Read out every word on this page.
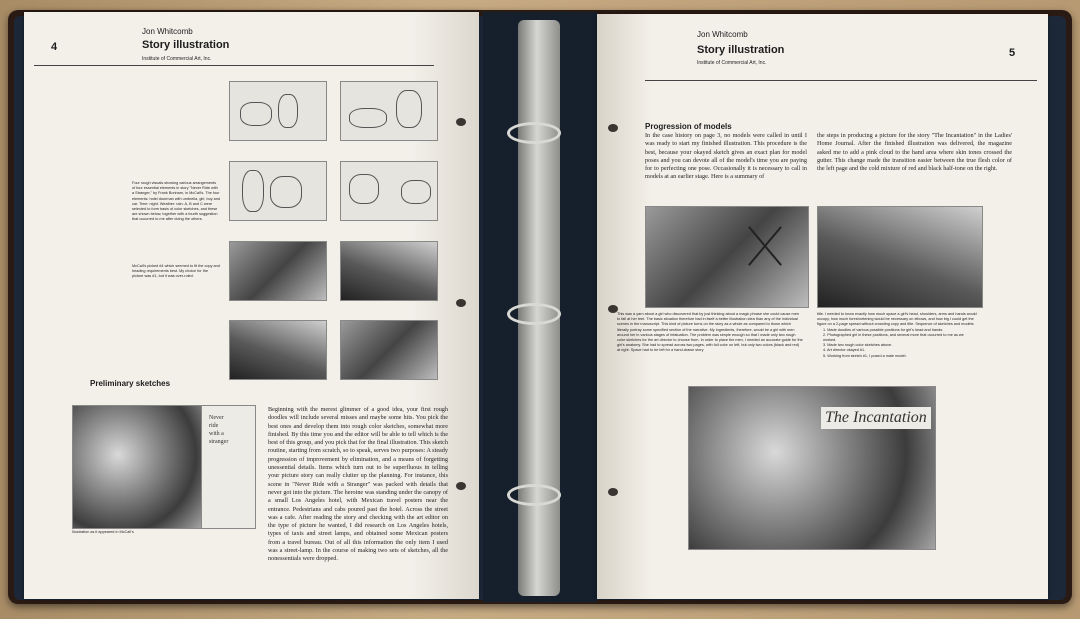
4
Jon Whitcomb
Story illustration
Institute of Commercial Art, Inc.
Four rough visuals showing various arrangements of four essential elements in story "Never Ride with a Stranger," by Frank Bonham, in McCall's. The four elements: hotel doorman with umbrella, girl, boy and car. Time: night. Weather: rain. A, B and C were selected to form basis of color sketches, and these are shown below, together with a fourth suggestion that occurred to me after doing the others.
McCall's picked #4 which seemed to fit the copy and heading requirements best. My choice for the picture was #1, but it was over-ruled.
Preliminary sketches
Never
ride
with a
stranger
Illustration as it appeared in McCall's
Beginning with the merest glimmer of a good idea, your first rough doodles will include several misses and maybe some hits. You pick the best ones and develop them into rough color sketches, somewhat more finished. By this time you and the editor will be able to tell which is the best of this group, and you pick that for the final illustration. This sketch routine, starting from scratch, so to speak, serves two purposes: A steady progression of improvement by elimination, and a means of forgetting unessential details. Items which turn out to be superfluous in telling your picture story can really clutter up the planning. For instance, this scene in "Never Ride with a Stranger" was packed with details that never got into the picture. The heroine was standing under the canopy of a small Los Angeles hotel, with Mexican travel posters near the entrance. Pedestrians and cabs poured past the hotel. Across the street was a cafe. After reading the story and checking with the art editor on the type of picture he wanted, I did research on Los Angeles hotels, types of taxis and street lamps, and obtained some Mexican posters from a travel bureau. Out of all this information the only item I used was a street-lamp. In the course of making two sets of sketches, all the nonessentials were dropped.
Jon Whitcomb
Story illustration
Institute of Commercial Art, Inc.
5
Progression of models
In the case history on page 3, no models were called in until I was ready to start my finished illustration. This procedure is the best, because your okayed sketch gives an exact plan for model poses and you can devote all of the model's time you are paying for to perfecting one pose. Occasionally it is necessary to call in models at an earlier stage. Here is a summary of
the steps in producing a picture for the story "The Incantation" in the Ladies' Home Journal. After the finished illustration was delivered, the magazine asked me to add a pink cloud to the hand area where skin tones crossed the gutter. This change made the transition easier between the true flesh color of the left page and the cold mixture of red and black half-tone on the right.
This was a yarn about a girl who discovered that by just thinking about a magic phrase she could cause men to fall at her feet. The basic situation therefore had in itself a better illustration idea than any of the individual scenes in the manuscript. This kind of picture turns on the story as a whole as compared to those which literally portray some specified section of the narrative. My ingredients, therefore, would be a girl with men around her in various stages of infatuation. The problem was simple enough so that I made only two rough color sketches for the art director to choose from. In order to place the men, I needed an accurate guide for the girl's anatomy. She had to spread across two pages, with full color on left, but only two colors (black and red) at right. Space had to be left for a hand-drawn story
title. I needed to know exactly how much space a girl's head, shoulders, arms and hands would occupy, how much foreshortening would be necessary on elbows, and how big I could get the figure on a 2-page spread without crowding copy and title. Sequence of sketches and models:
1. Made doodles of various possible positions for girl's head and hands.
2. Photographed girl in these positions, and several more that occurred to me as we worked.
3. Made two rough color sketches above.
4. Art director okayed #1.
5. Working from sketch #1, I posed a male model.
The Incantation
